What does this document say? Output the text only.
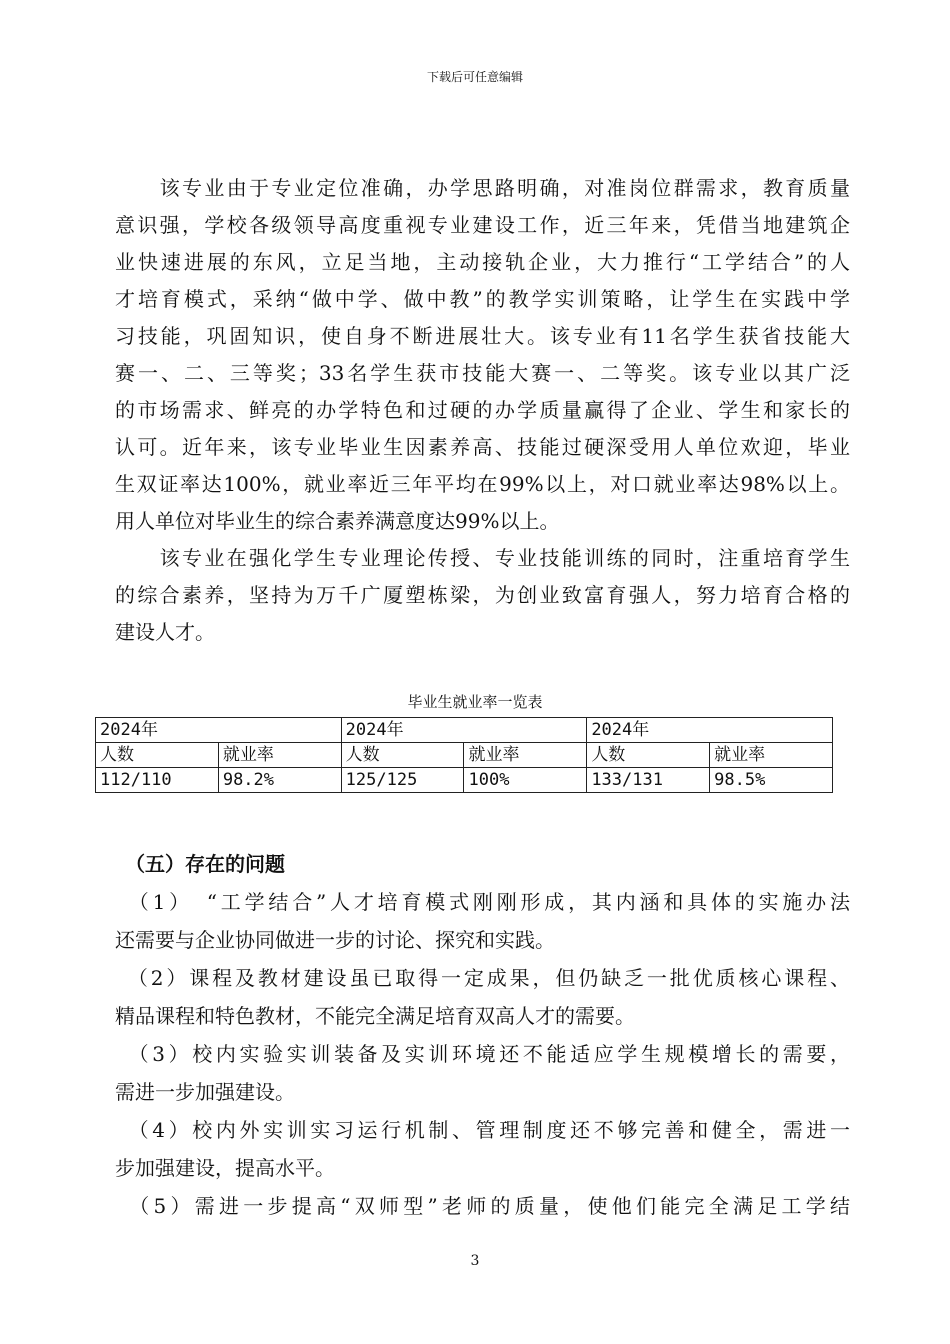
下载后可任意编辑
　　该专业由于专业定位准确，办学思路明确，对准岗位群需求，教育质量
意识强，学校各级领导高度重视专业建设工作，近三年来，凭借当地建筑企
业快速进展的东风，立足当地，主动接轨企业，大力推行“工学结合”的人
才培育模式，采纳“做中学、做中教”的教学实训策略，让学生在实践中学
习技能，巩固知识，使自身不断进展壮大。该专业有11名学生获省技能大
赛一、二、三等奖；33名学生获市技能大赛一、二等奖。该专业以其广泛
的市场需求、鲜亮的办学特色和过硬的办学质量赢得了企业、学生和家长的
认可。近年来，该专业毕业生因素养高、技能过硬深受用人单位欢迎，毕业
生双证率达100%，就业率近三年平均在99%以上，对口就业率达98%以上。
用人单位对毕业生的综合素养满意度达99%以上。
　　该专业在强化学生专业理论传授、专业技能训练的同时，注重培育学生
的综合素养，坚持为万千广厦塑栋梁，为创业致富育强人，努力培育合格的
建设人才。
毕业生就业率一览表
2024年		2024年		2024年	
人数	就业率	人数	就业率	人数	就业率
112/110	98.2%	125/125	100%	133/131	98.5%
　（五）存在的问题
　（1）　“工学结合”人才培育模式刚刚形成，其内涵和具体的实施办法
还需要与企业协同做进一步的讨论、探究和实践。
　（2）课程及教材建设虽已取得一定成果，但仍缺乏一批优质核心课程、
精品课程和特色教材，不能完全满足培育双高人才的需要。
　（3）校内实验实训装备及实训环境还不能适应学生规模增长的需要，
需进一步加强建设。
　（4）校内外实训实习运行机制、管理制度还不够完善和健全，需进一
步加强建设，提高水平。
　（5）需进一步提高“双师型”老师的质量，使他们能完全满足工学结
3
